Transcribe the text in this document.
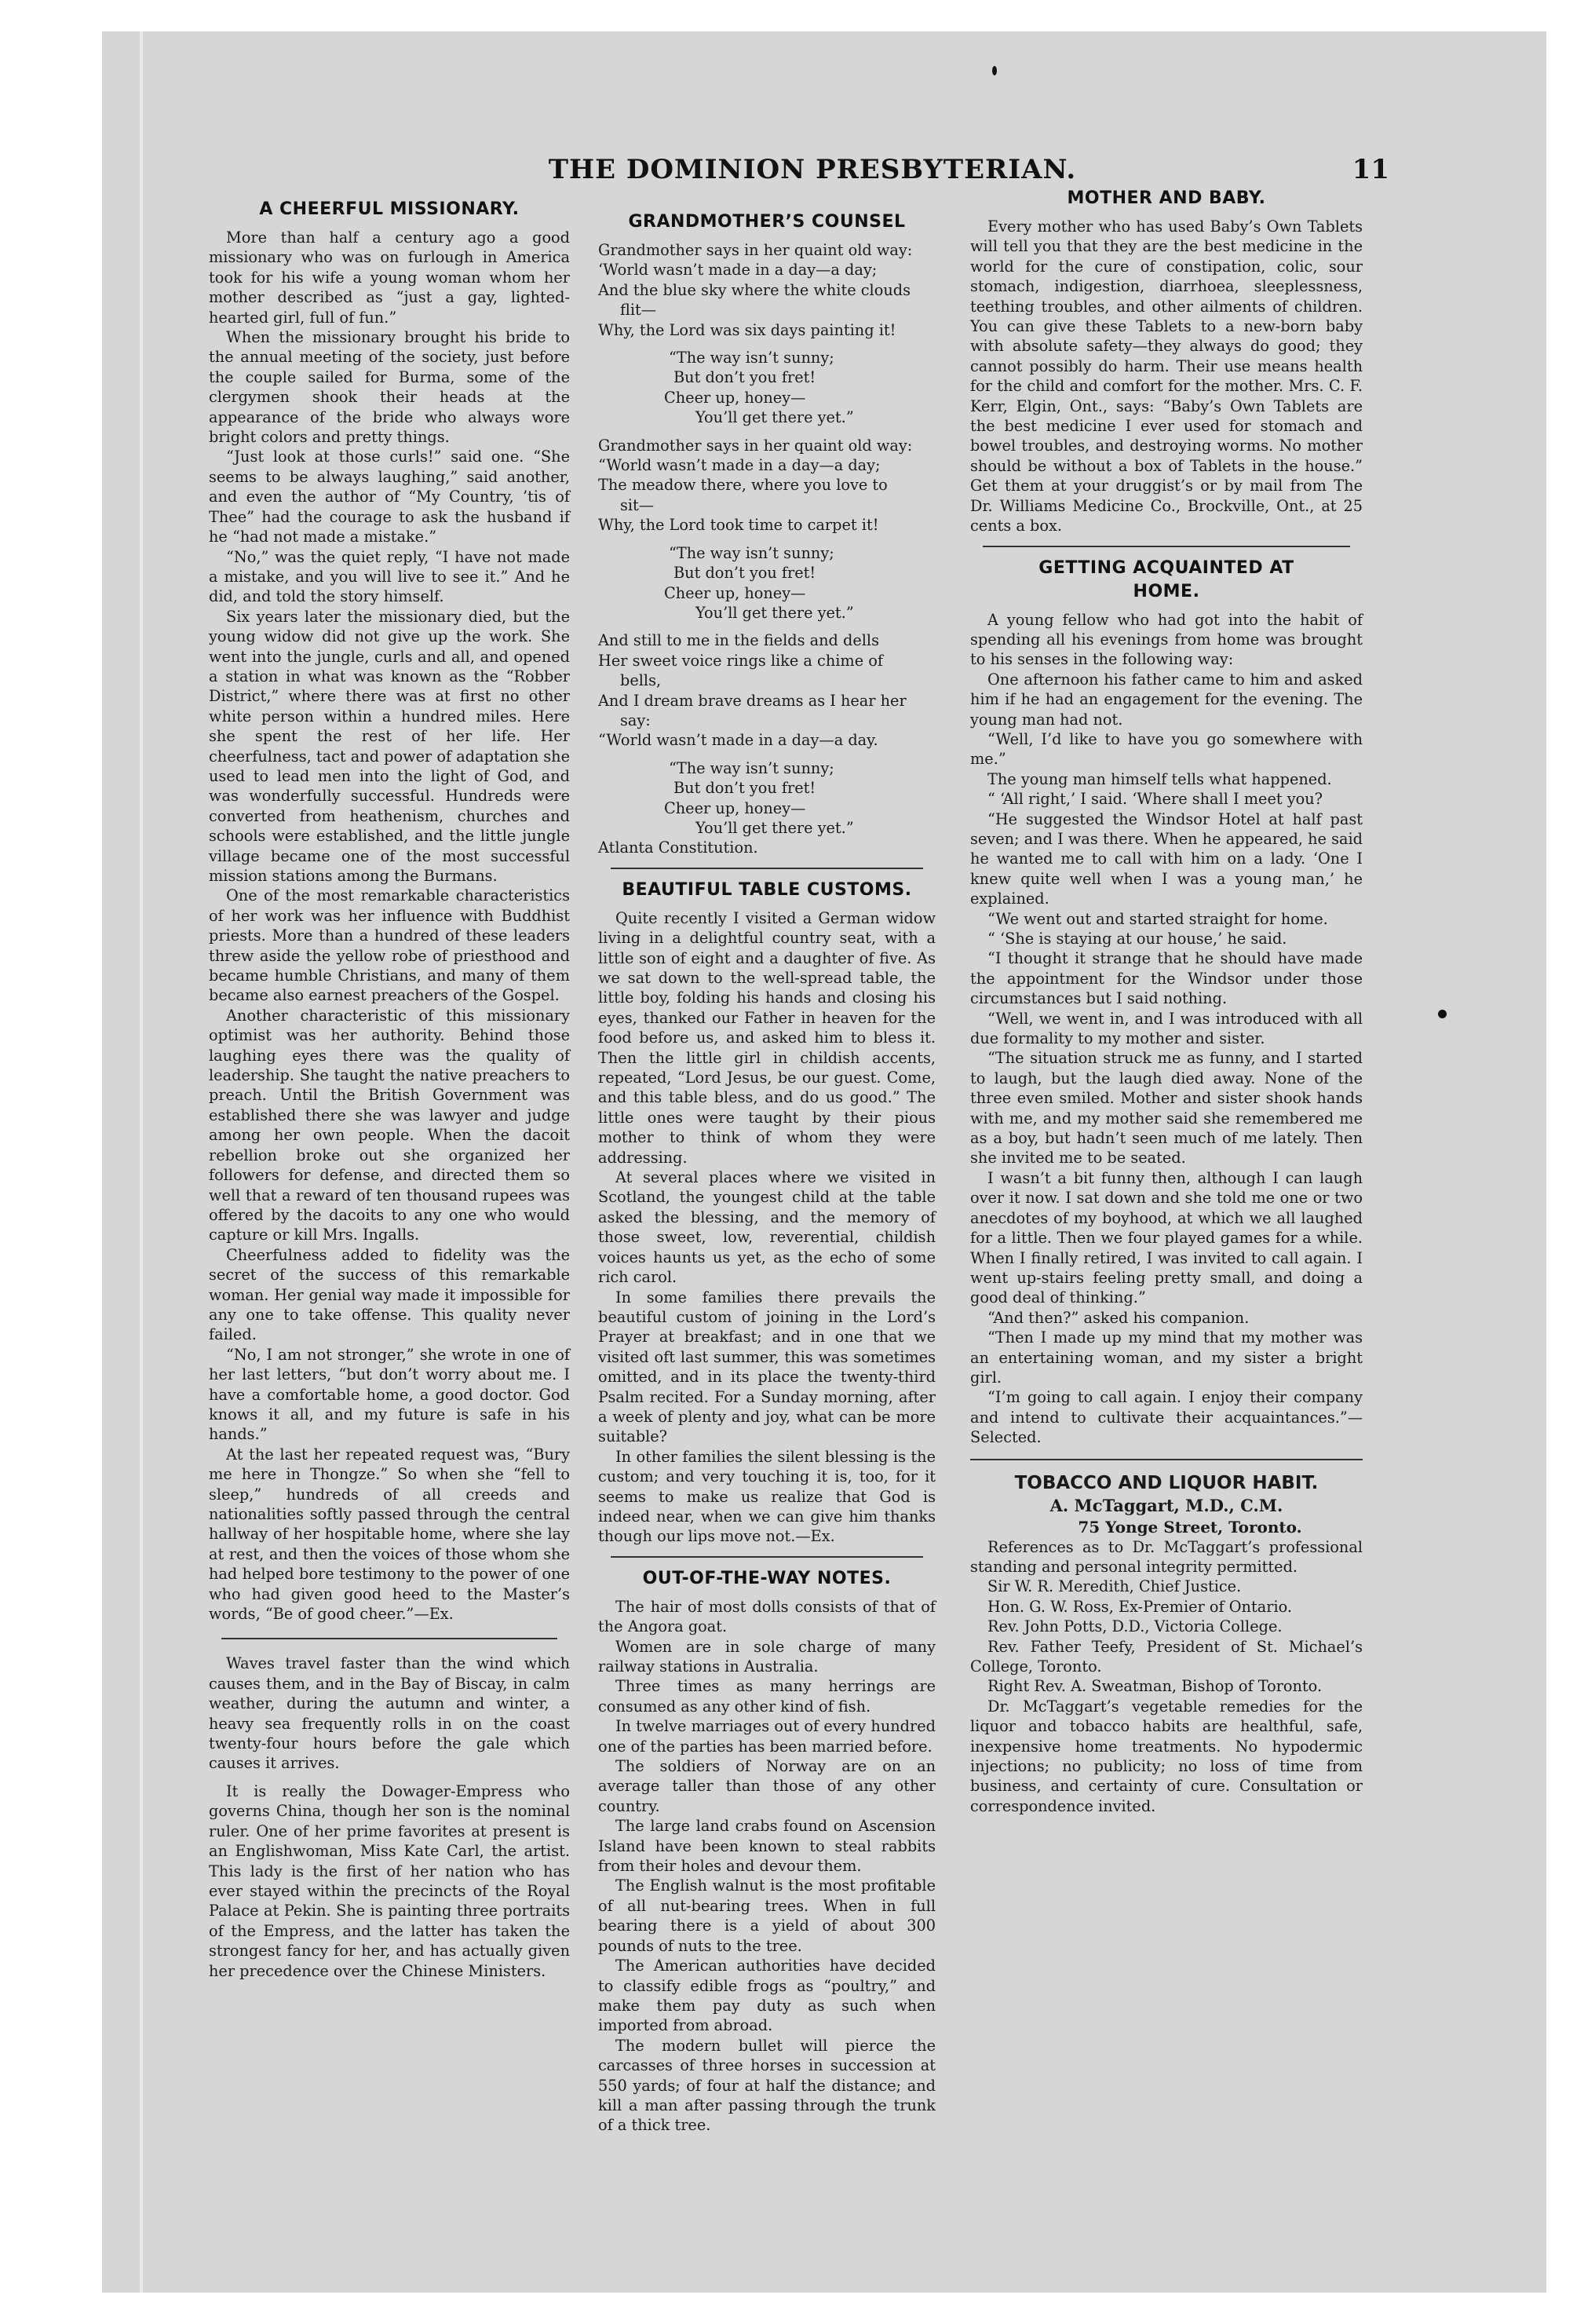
THE DOMINION PRESBYTERIAN.	11
A CHEERFUL MISSIONARY.

More than half a century ago a good missionary who was on furlough in America took for his wife a young woman whom her mother described as “just a gay, lighted-hearted girl, full of fun.”

When the missionary brought his bride to the annual meeting of the society, just before the couple sailed for Burma, some of the clergymen shook their heads at the appearance of the bride who always wore bright colors and pretty things.

“Just look at those curls!” said one. “She seems to be always laughing,” said another, and even the author of “My Country, ’tis of Thee” had the courage to ask the husband if he “had not made a mistake.”

“No,” was the quiet reply, “I have not made a mistake, and you will live to see it.” And he did, and told the story himself.

Six years later the missionary died, but the young widow did not give up the work. She went into the jungle, curls and all, and opened a station in what was known as the “Robber District,” where there was at first no other white person within a hundred miles. Here she spent the rest of her life. Her cheerfulness, tact and power of adaptation she used to lead men into the light of God, and was wonderfully successful. Hundreds were converted from heathenism, churches and schools were established, and the little jungle village became one of the most successful mission stations among the Burmans.

One of the most remarkable characteristics of her work was her influence with Buddhist priests. More than a hundred of these leaders threw aside the yellow robe of priesthood and became humble Christians, and many of them became also earnest preachers of the Gospel.

Another characteristic of this missionary optimist was her authority. Behind those laughing eyes there was the quality of leadership. She taught the native preachers to preach. Until the British Government was established there she was lawyer and judge among her own people. When the dacoit rebellion broke out she organized her followers for defense, and directed them so well that a reward of ten thousand rupees was offered by the dacoits to any one who would capture or kill Mrs. Ingalls.

Cheerfulness added to fidelity was the secret of the success of this remarkable woman. Her genial way made it impossible for any one to take offense. This quality never failed.

“No, I am not stronger,” she wrote in one of her last letters, “but don’t worry about me. I have a comfortable home, a good doctor. God knows it all, and my future is safe in his hands.”

At the last her repeated request was, “Bury me here in Thongze.” So when she “fell to sleep,” hundreds of all creeds and nationalities softly passed through the central hallway of her hospitable home, where she lay at rest, and then the voices of those whom she had helped bore testimony to the power of one who had given good heed to the Master’s words, “Be of good cheer.”—Ex.

Waves travel faster than the wind which causes them, and in the Bay of Biscay, in calm weather, during the autumn and winter, a heavy sea frequently rolls in on the coast twenty-four hours before the gale which causes it arrives.

It is really the Dowager-Empress who governs China, though her son is the nominal ruler. One of her prime favorites at present is an Englishwoman, Miss Kate Carl, the artist. This lady is the first of her nation who has ever stayed within the precincts of the Royal Palace at Pekin. She is painting three portraits of the Empress, and the latter has taken the strongest fancy for her, and has actually given her precedence over the Chinese Ministers.

GRANDMOTHER’S COUNSEL

Grandmother says in her quaint old way:

‘World wasn’t made in a day—a day;

And the blue sky where the white clouds

flit—

Why, the Lord was six days painting it!

“The way isn’t sunny;

But don’t you fret!

Cheer up, honey—

You’ll get there yet.”

Grandmother says in her quaint old way:

“World wasn’t made in a day—a day;

The meadow there, where you love to

sit—

Why, the Lord took time to carpet it!

“The way isn’t sunny;

But don’t you fret!

Cheer up, honey—

You’ll get there yet.”

And still to me in the fields and dells

Her sweet voice rings like a chime of

bells,

And I dream brave dreams as I hear her

say:

“World wasn’t made in a day—a day.

“The way isn’t sunny;

But don’t you fret!

Cheer up, honey—

You’ll get there yet.”

Atlanta Constitution.

BEAUTIFUL TABLE CUSTOMS.

Quite recently I visited a German widow living in a delightful country seat, with a little son of eight and a daughter of five. As we sat down to the well-spread table, the little boy, folding his hands and closing his eyes, thanked our Father in heaven for the food before us, and asked him to bless it. Then the little girl in childish accents, repeated, “Lord Jesus, be our guest. Come, and this table bless, and do us good.” The little ones were taught by their pious mother to think of whom they were addressing.

At several places where we visited in Scotland, the youngest child at the table asked the blessing, and the memory of those sweet, low, reverential, childish voices haunts us yet, as the echo of some rich carol.

In some families there prevails the beautiful custom of joining in the Lord’s Prayer at breakfast; and in one that we visited oft last summer, this was sometimes omitted, and in its place the twenty-third Psalm recited. For a Sunday morning, after a week of plenty and joy, what can be more suitable?

In other families the silent blessing is the custom; and very touching it is, too, for it seems to make us realize that God is indeed near, when we can give him thanks though our lips move not.—Ex.

OUT-OF-THE-WAY NOTES.

The hair of most dolls consists of that of the Angora goat.

Women are in sole charge of many railway stations in Australia.

Three times as many herrings are consumed as any other kind of fish.

In twelve marriages out of every hundred one of the parties has been married before.

The soldiers of Norway are on an average taller than those of any other country.

The large land crabs found on Ascension Island have been known to steal rabbits from their holes and devour them.

The English walnut is the most profitable of all nut-bearing trees. When in full bearing there is a yield of about 300 pounds of nuts to the tree.

The American authorities have decided to classify edible frogs as “poultry,” and make them pay duty as such when imported from abroad.

The modern bullet will pierce the carcasses of three horses in succession at 550 yards; of four at half the distance; and kill a man after passing through the trunk of a thick tree.

MOTHER AND BABY.

Every mother who has used Baby’s Own Tablets will tell you that they are the best medicine in the world for the cure of constipation, colic, sour stomach, indigestion, diarrhoea, sleeplessness, teething troubles, and other ailments of children. You can give these Tablets to a new-born baby with absolute safety—they always do good; they cannot possibly do harm. Their use means health for the child and comfort for the mother. Mrs. C. F. Kerr, Elgin, Ont., says: “Baby’s Own Tablets are the best medicine I ever used for stomach and bowel troubles, and destroying worms. No mother should be without a box of Tablets in the house.” Get them at your druggist’s or by mail from The Dr. Williams Medicine Co., Brockville, Ont., at 25 cents a box.

GETTING ACQUAINTED AT
HOME.

A young fellow who had got into the habit of spending all his evenings from home was brought to his senses in the following way:

One afternoon his father came to him and asked him if he had an engagement for the evening. The young man had not.

“Well, I’d like to have you go somewhere with me.”

The young man himself tells what happened.

“ ‘All right,’ I said. ‘Where shall I meet you?

“He suggested the Windsor Hotel at half past seven; and I was there. When he appeared, he said he wanted me to call with him on a lady. ‘One I knew quite well when I was a young man,’ he explained.

“We went out and started straight for home.

“ ‘She is staying at our house,’ he said.

“I thought it strange that he should have made the appointment for the Windsor under those circumstances but I said nothing.

“Well, we went in, and I was introduced with all due formality to my mother and sister.

“The situation struck me as funny, and I started to laugh, but the laugh died away. None of the three even smiled. Mother and sister shook hands with me, and my mother said she remembered me as a boy, but hadn’t seen much of me lately. Then she invited me to be seated.

I wasn’t a bit funny then, although I can laugh over it now. I sat down and she told me one or two anecdotes of my boyhood, at which we all laughed for a little. Then we four played games for a while. When I finally retired, I was invited to call again. I went up-stairs feeling pretty small, and doing a good deal of thinking.”

“And then?” asked his companion.

“Then I made up my mind that my mother was an entertaining woman, and my sister a bright girl.

“I’m going to call again. I enjoy their company and intend to cultivate their acquaintances.”—Selected.

TOBACCO AND LIQUOR HABIT.
A. McTaggart, M.D., C.M.
75 Yonge Street, Toronto.

References as to Dr. McTaggart’s professional standing and personal integrity permitted.

Sir W. R. Meredith, Chief Justice.

Hon. G. W. Ross, Ex-Premier of Ontario.

Rev. John Potts, D.D., Victoria College.

Rev. Father Teefy, President of St. Michael’s College, Toronto.

Right Rev. A. Sweatman, Bishop of Toronto.

Dr. McTaggart’s vegetable remedies for the liquor and tobacco habits are healthful, safe, inexpensive home treatments. No hypodermic injections; no publicity; no loss of time from business, and certainty of cure. Consultation or correspondence invited.
